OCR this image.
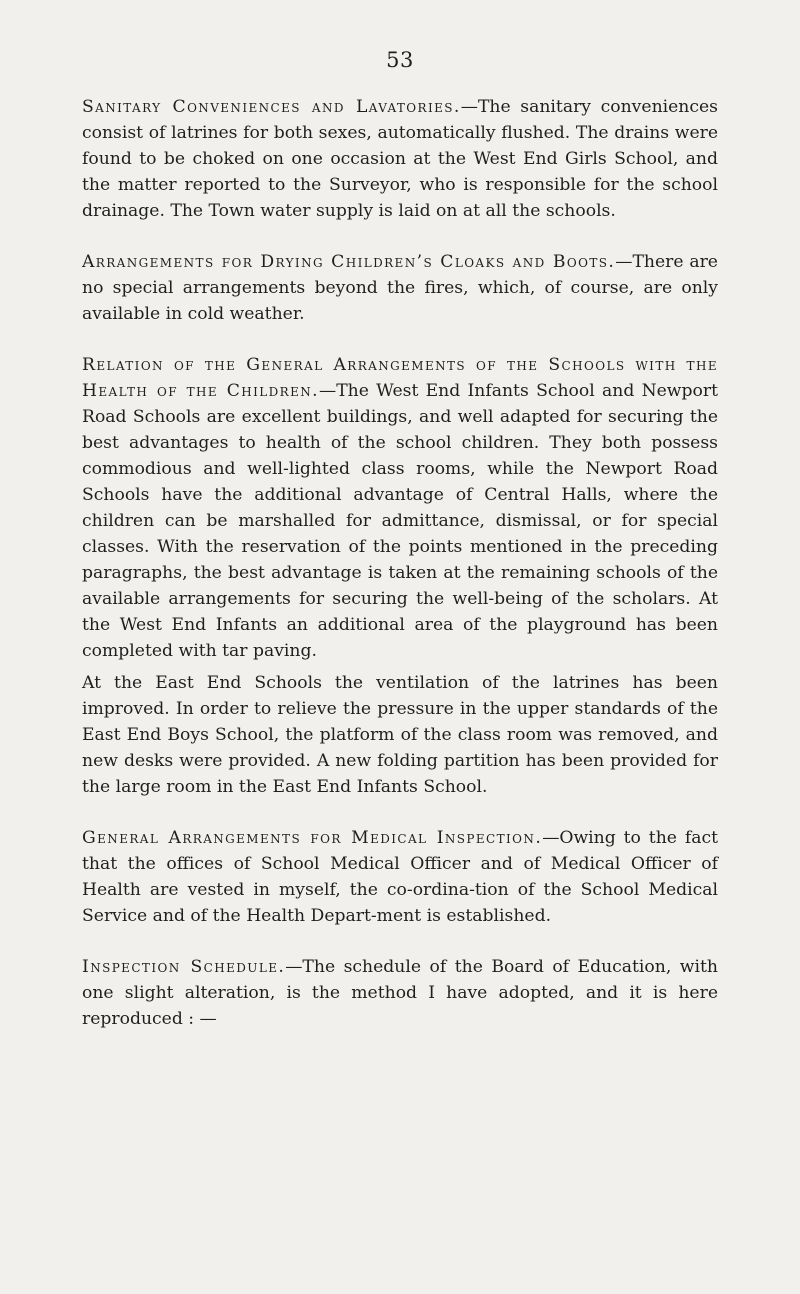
53

Sanitary Conveniences and Lavatories.—The sanitary conveniences consist of latrines for both sexes, automatically flushed. The drains were found to be choked on one occasion at the West End Girls School, and the matter reported to the Surveyor, who is responsible for the school drainage. The Town water supply is laid on at all the schools.

Arrangements for Drying Children’s Cloaks and Boots.—There are no special arrangements beyond the fires, which, of course, are only available in cold weather.

Relation of the General Arrangements of the Schools with the Health of the Children.—The West End Infants School and Newport Road Schools are excellent buildings, and well adapted for securing the best advantages to health of the school children. They both possess commodious and well-lighted class rooms, while the Newport Road Schools have the additional advantage of Central Halls, where the children can be marshalled for admittance, dismissal, or for special classes. With the reservation of the points mentioned in the preceding paragraphs, the best advantage is taken at the remaining schools of the available arrangements for securing the well-being of the scholars. At the West End Infants an additional area of the playground has been completed with tar paving.

At the East End Schools the ventilation of the latrines has been improved. In order to relieve the pressure in the upper standards of the East End Boys School, the platform of the class room was removed, and new desks were provided. A new folding partition has been provided for the large room in the East End Infants School.

General Arrangements for Medical Inspection.—Owing to the fact that the offices of School Medical Officer and of Medical Officer of Health are vested in myself, the co-ordina-tion of the School Medical Service and of the Health Depart-ment is established.

Inspection Schedule.—The schedule of the Board of Education, with one slight alteration, is the method I have adopted, and it is here reproduced : —
